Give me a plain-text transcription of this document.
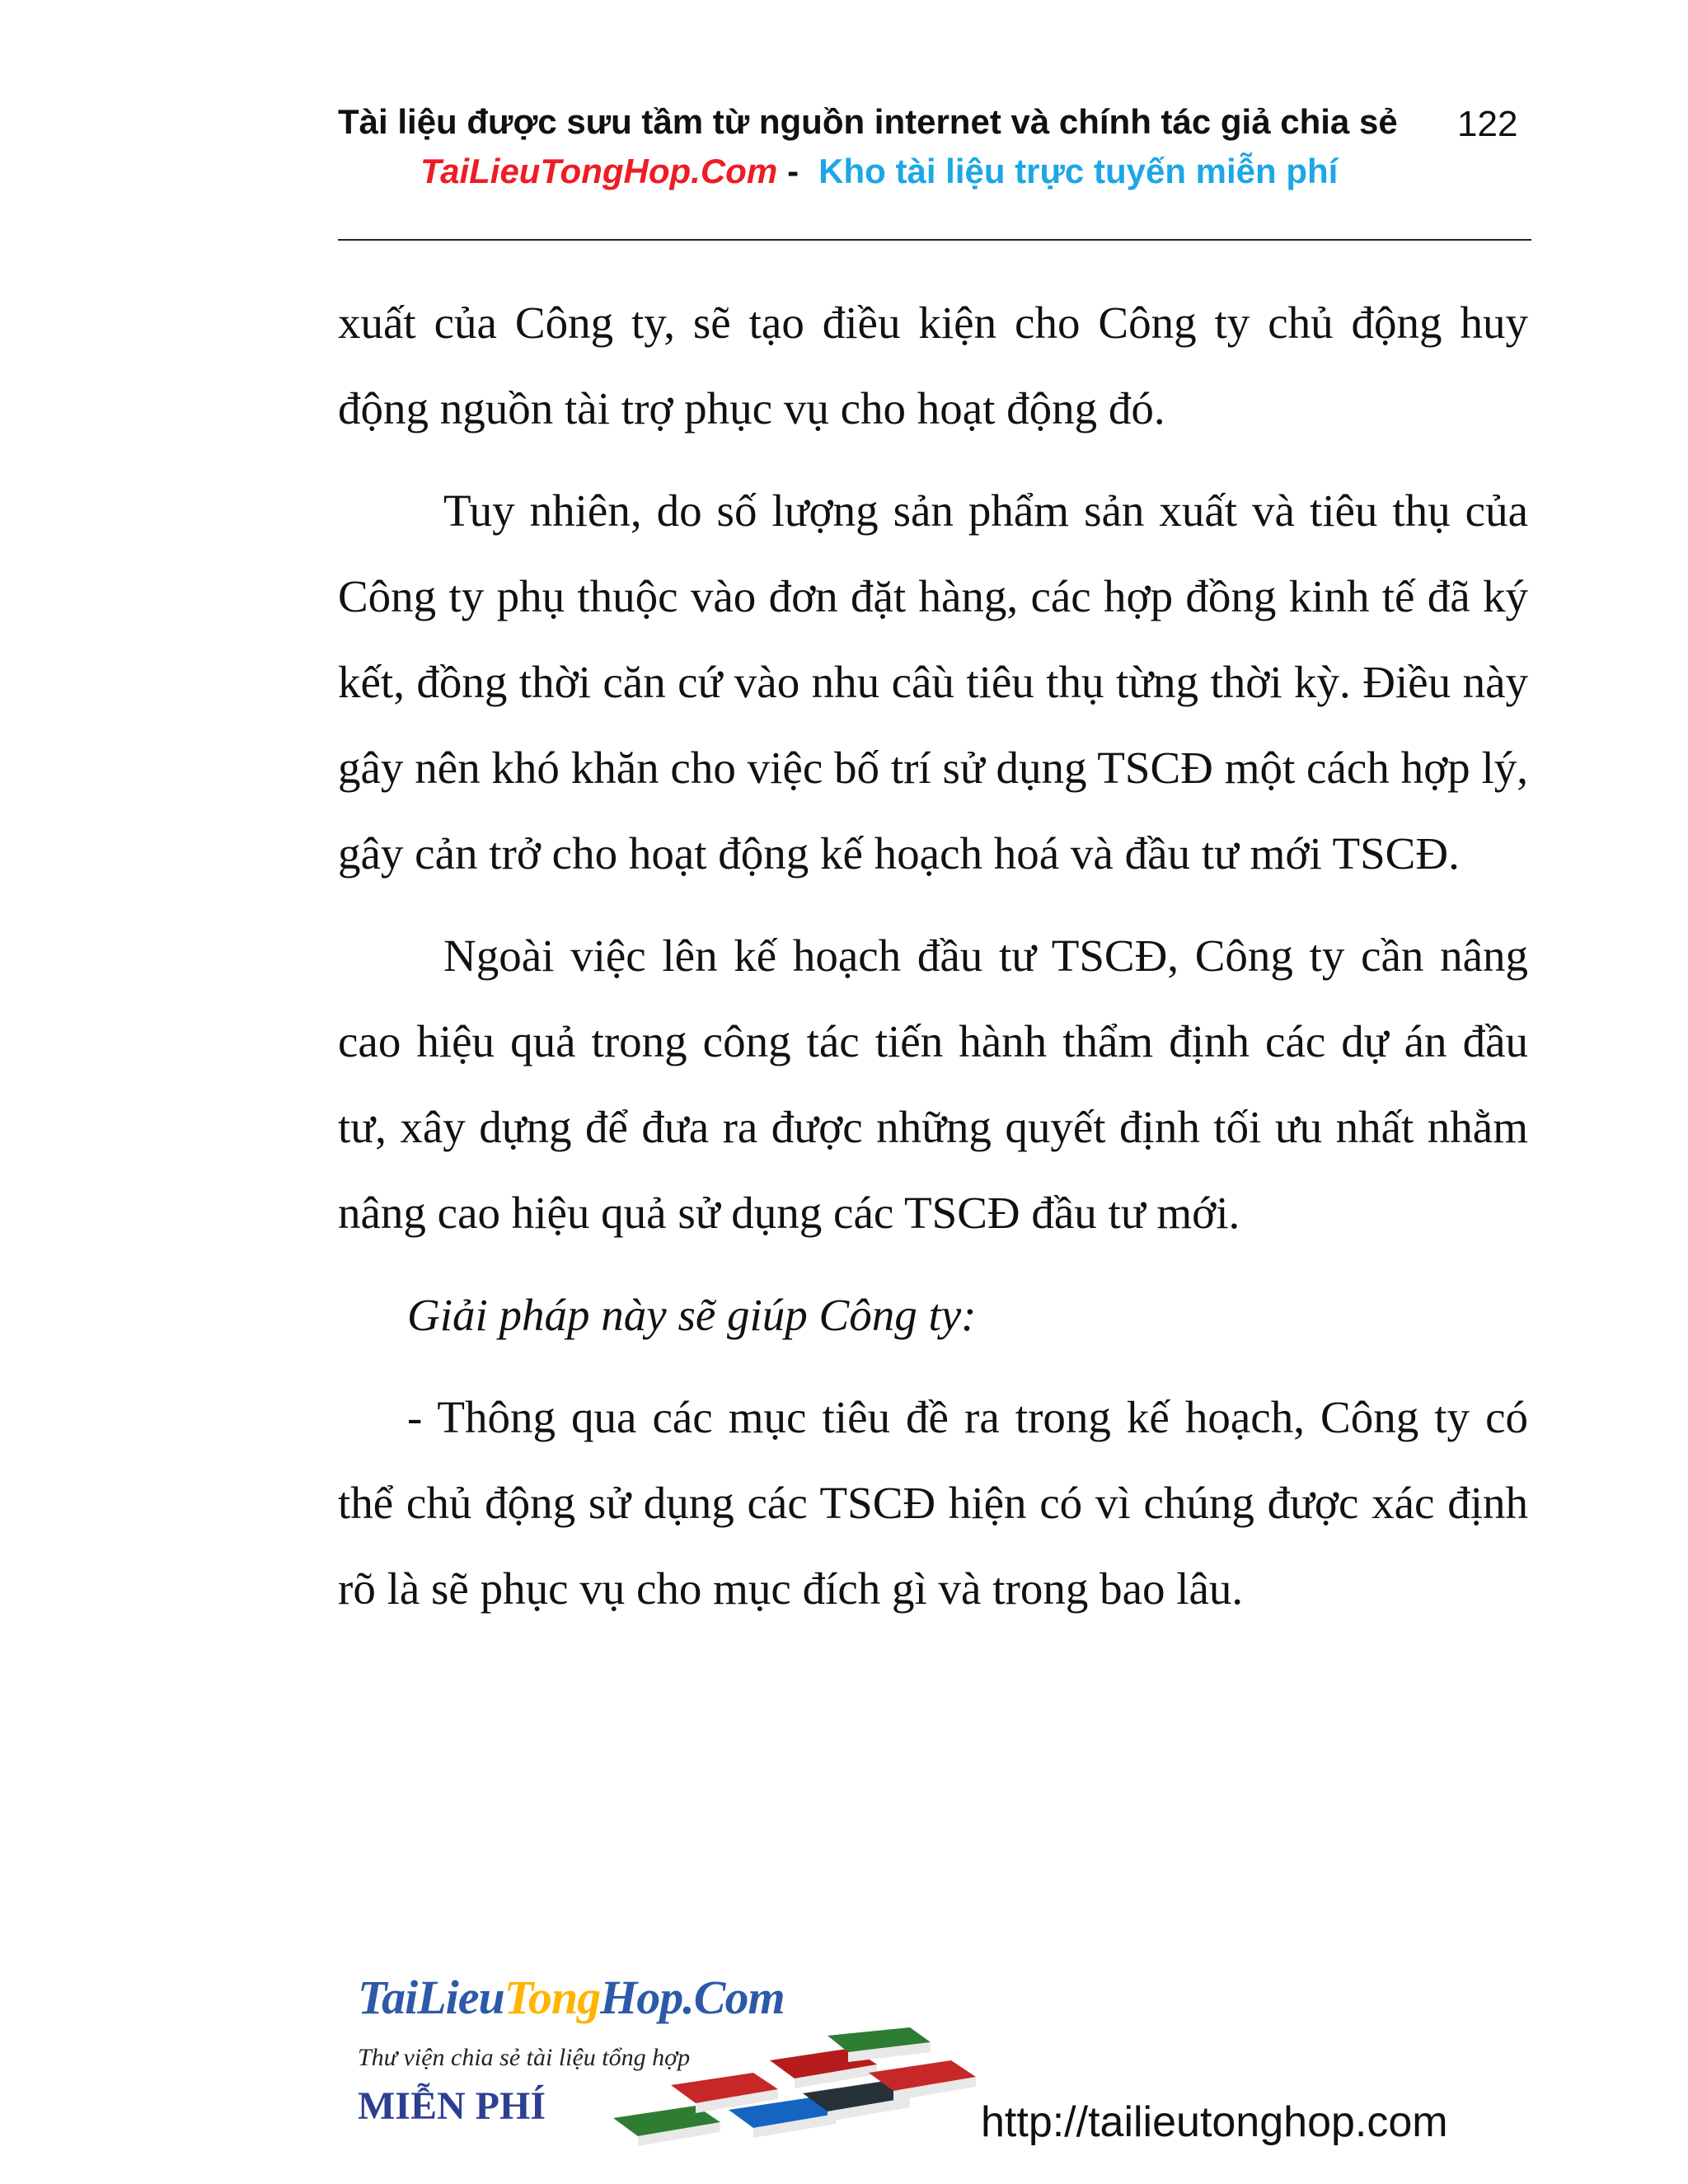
Tài liệu được sưu tầm từ nguồn internet và chính tác giả chia sẻ 122
TaiLieuTongHop.Com - Kho tài liệu trực tuyến miễn phí

xuất của Công ty, sẽ tạo điều kiện cho Công ty chủ động huy động nguồn tài trợ phục vụ cho hoạt động đó.

Tuy nhiên, do số lượng sản phẩm sản xuất và tiêu thụ của Công ty phụ thuộc vào đơn đặt hàng, các hợp đồng kinh tế đã ký kết, đồng thời căn cứ vào nhu câù tiêu thụ từng thời kỳ. Điều này gây nên khó khăn cho việc bố trí sử dụng TSCĐ một cách hợp lý, gây cản trở cho hoạt động kế hoạch hoá và đầu tư mới TSCĐ.

Ngoài việc lên kế hoạch đầu tư TSCĐ, Công ty cần nâng cao hiệu quả trong công tác tiến hành thẩm định các dự án đầu tư, xây dựng để đưa ra được những quyết định tối ưu nhất nhằm nâng cao hiệu quả sử dụng các TSCĐ đầu tư mới.

Giải pháp này sẽ giúp Công ty:

- Thông qua các mục tiêu đề ra trong kế hoạch, Công ty có thể chủ động sử dụng các TSCĐ hiện có vì chúng được xác định rõ là sẽ phục vụ cho mục đích gì và trong bao lâu.

TaiLieuTongHop.Com
Thư viện chia sẻ tài liệu tổng hợp
MIỄN PHÍ	http://tailieutonghop.com
